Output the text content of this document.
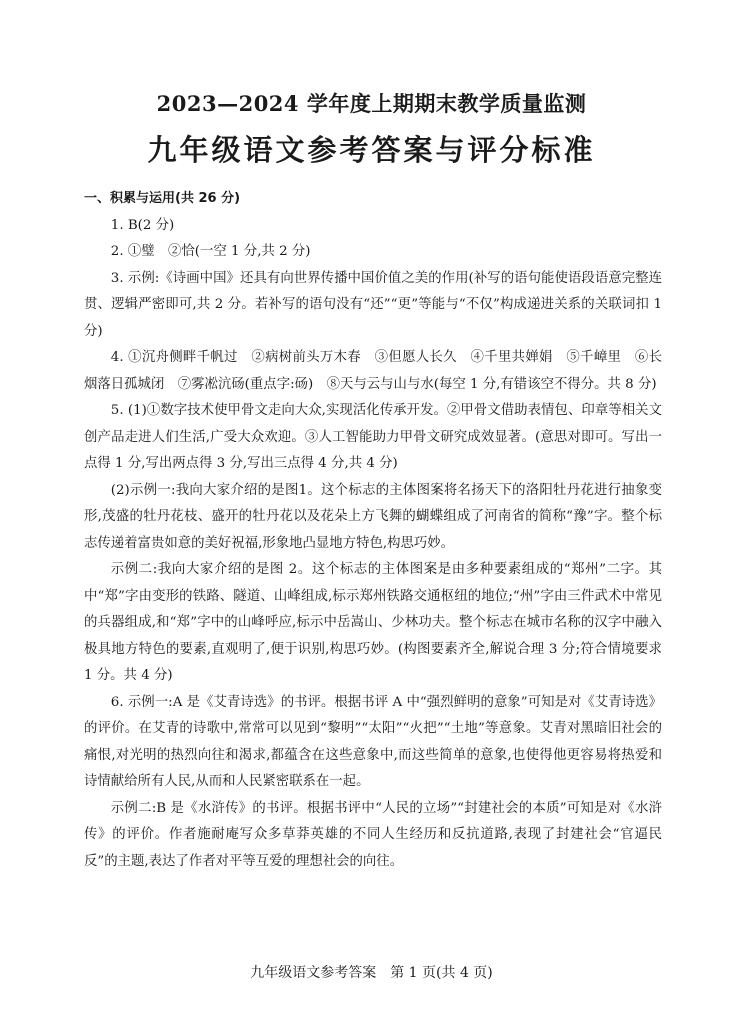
2023—2024 学年度上期期末教学质量监测
九年级语文参考答案与评分标准

一、积累与运用(共 26 分)

1. B(2 分)

2. ①璧　②恰(一空 1 分,共 2 分)

3. 示例:《诗画中国》还具有向世界传播中国价值之美的作用(补写的语句能使语段语意完整连贯、逻辑严密即可,共 2 分。若补写的语句没有“还”“更”等能与“不仅”构成递进关系的关联词扣 1 分)

4. ①沉舟侧畔千帆过　②病树前头万木春　③但愿人长久　④千里共婵娟　⑤千嶂里　⑥长烟落日孤城闭　⑦雾凇沆砀(重点字:砀)　⑧天与云与山与水(每空 1 分,有错该空不得分。共 8 分)

5. (1)①数字技术使甲骨文走向大众,实现活化传承开发。②甲骨文借助表情包、印章等相关文创产品走进人们生活,广受大众欢迎。③人工智能助力甲骨文研究成效显著。(意思对即可。写出一点得 1 分,写出两点得 3 分,写出三点得 4 分,共 4 分)

(2)示例一:我向大家介绍的是图1。这个标志的主体图案将名扬天下的洛阳牡丹花进行抽象变形,茂盛的牡丹花枝、盛开的牡丹花以及花朵上方飞舞的蝴蝶组成了河南省的简称“豫”字。整个标志传递着富贵如意的美好祝福,形象地凸显地方特色,构思巧妙。

示例二:我向大家介绍的是图 2。这个标志的主体图案是由多种要素组成的“郑州”二字。其中“郑”字由变形的铁路、隧道、山峰组成,标示郑州铁路交通枢纽的地位;“州”字由三件武术中常见的兵器组成,和“郑”字中的山峰呼应,标示中岳嵩山、少林功夫。整个标志在城市名称的汉字中融入极具地方特色的要素,直观明了,便于识别,构思巧妙。(构图要素齐全,解说合理 3 分;符合情境要求 1 分。共 4 分)

6. 示例一:A 是《艾青诗选》的书评。根据书评 A 中“强烈鲜明的意象”可知是对《艾青诗选》的评价。在艾青的诗歌中,常常可以见到“黎明”“太阳”“火把”“土地”等意象。艾青对黑暗旧社会的痛恨,对光明的热烈向往和渴求,都蕴含在这些意象中,而这些简单的意象,也使得他更容易将热爱和诗情献给所有人民,从而和人民紧密联系在一起。

示例二:B 是《水浒传》的书评。根据书评中“人民的立场”“封建社会的本质”可知是对《水浒传》的评价。作者施耐庵写众多草莽英雄的不同人生经历和反抗道路,表现了封建社会“官逼民反”的主题,表达了作者对平等互爱的理想社会的向往。

九年级语文参考答案　第 1 页(共 4 页)
